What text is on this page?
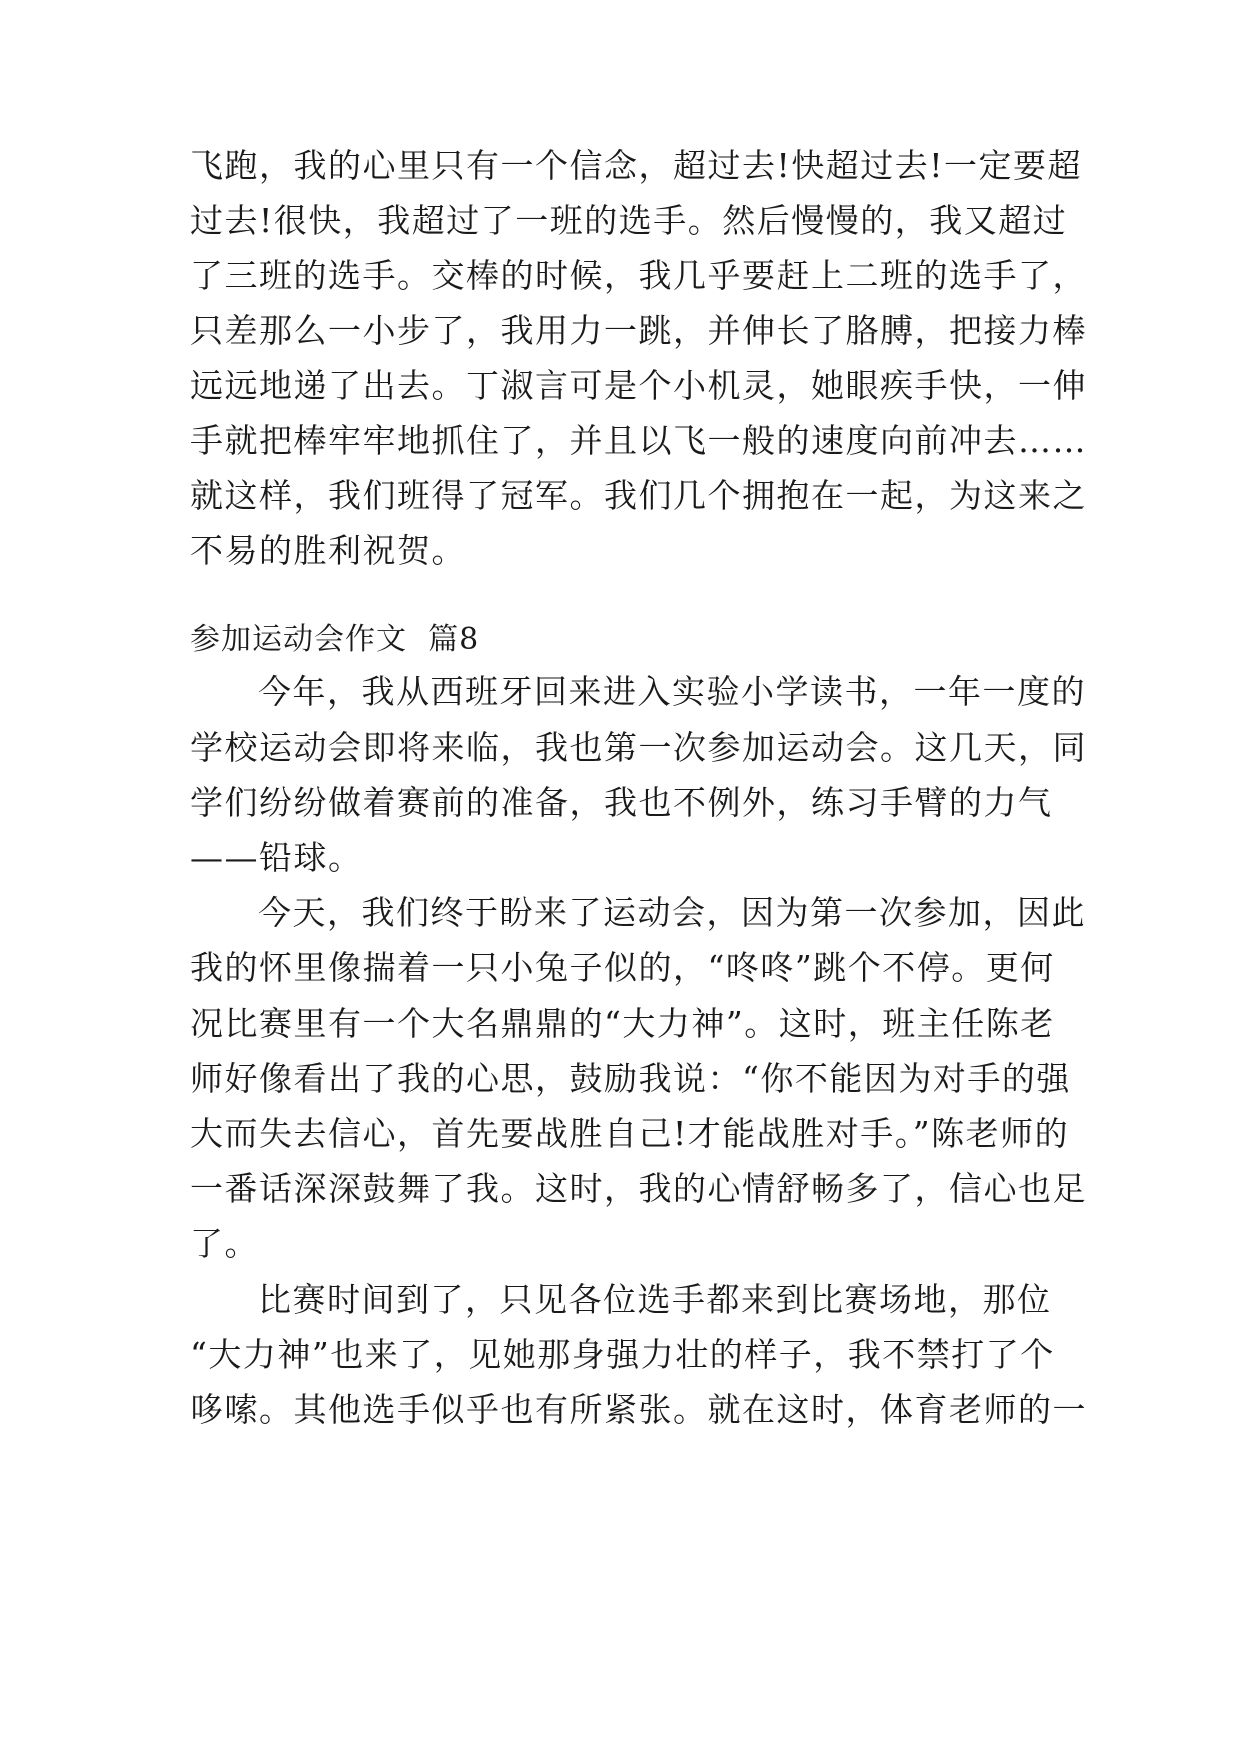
飞跑，我的心里只有一个信念，超过去!快超过去!一定要超
过去!很快，我超过了一班的选手。然后慢慢的，我又超过
了三班的选手。交棒的时候，我几乎要赶上二班的选手了，
只差那么一小步了，我用力一跳，并伸长了胳膊，把接力棒
远远地递了出去。丁淑言可是个小机灵，她眼疾手快，一伸
手就把棒牢牢地抓住了，并且以飞一般的速度向前冲去……
就这样，我们班得了冠军。我们几个拥抱在一起，为这来之
不易的胜利祝贺。
参加运动会作文  篇8
今年，我从西班牙回来进入实验小学读书，一年一度的
学校运动会即将来临，我也第一次参加运动会。这几天，同
学们纷纷做着赛前的准备，我也不例外，练习手臂的力气
——铅球。
今天，我们终于盼来了运动会，因为第一次参加，因此
我的怀里像揣着一只小兔子似的，“咚咚”跳个不停。更何
况比赛里有一个大名鼎鼎的“大力神”。这时，班主任陈老
师好像看出了我的心思，鼓励我说：“你不能因为对手的强
大而失去信心，首先要战胜自己!才能战胜对手。”陈老师的
一番话深深鼓舞了我。这时，我的心情舒畅多了，信心也足
了。
比赛时间到了，只见各位选手都来到比赛场地，那位
“大力神”也来了，见她那身强力壮的样子，我不禁打了个
哆嗦。其他选手似乎也有所紧张。就在这时，体育老师的一
